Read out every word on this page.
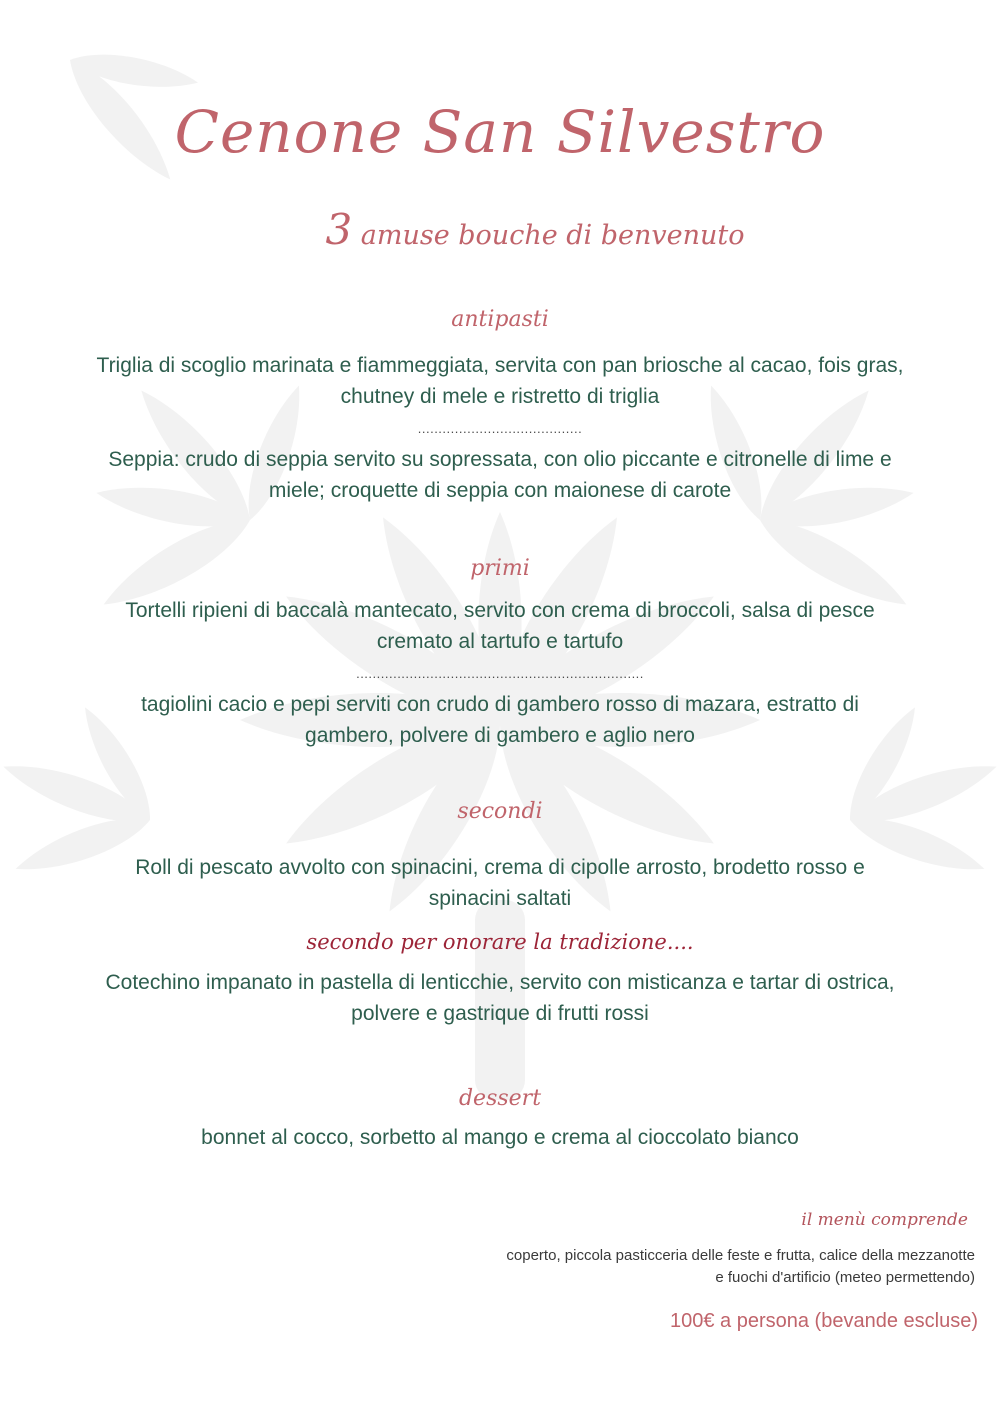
Cenone San Silvestro
3 amuse bouche di benvenuto
antipasti
Triglia di scoglio marinata e fiammeggiata, servita con pan briosche al cacao, fois gras, chutney di mele e ristretto di triglia
........................................
Seppia: crudo di seppia servito su sopressata, con olio piccante e citronelle di lime e miele; croquette di seppia con maionese di carote
primi
Tortelli ripieni di baccalà mantecato, servito con crema di broccoli, salsa di pesce cremato al tartufo e tartufo
......................................................................
tagiolini cacio e pepi serviti con crudo di gambero rosso di mazara, estratto di gambero, polvere di gambero e aglio nero
secondi
Roll di pescato avvolto con spinacini, crema di cipolle arrosto, brodetto rosso e spinacini saltati
secondo per onorare la tradizione....
Cotechino impanato in pastella di lenticchie, servito con misticanza e tartar di ostrica, polvere e gastrique di frutti rossi
dessert
bonnet al cocco, sorbetto al mango e crema al cioccolato bianco
il menù comprende
coperto, piccola pasticceria delle feste e frutta, calice della mezzanotte e fuochi d'artificio (meteo permettendo)
100€ a persona (bevande escluse)
